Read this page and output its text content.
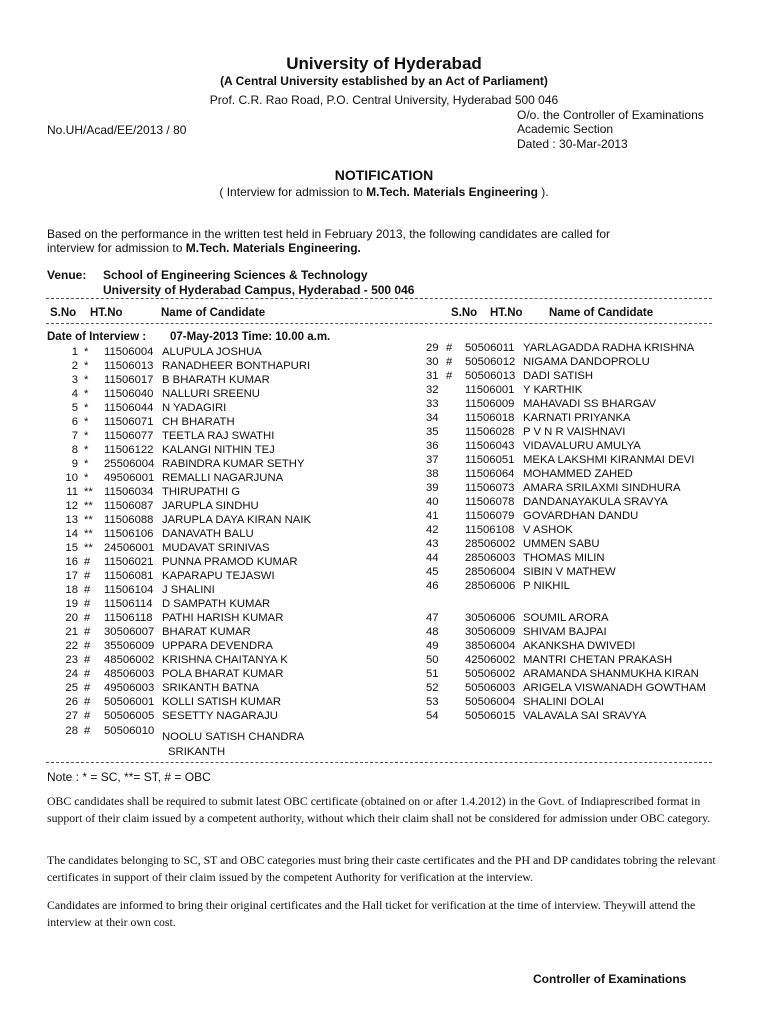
University of Hyderabad
(A Central University established by an Act of Parliament)
Prof. C.R. Rao Road, P.O. Central University, Hyderabad 500 046
O/o. the Controller of Examinations
Academic Section
Dated : 30-Mar-2013
No.UH/Acad/EE/2013 / 80
NOTIFICATION
( Interview for admission to M.Tech. Materials Engineering ).
Based on the performance in the written test held in February 2013, the following candidates are called for
interview for admission to M.Tech. Materials Engineering.
Venue: School of Engineering Sciences & Technology
University of Hyderabad Campus, Hyderabad - 500 046
S.No HT.No	Name of Candidate	S.No HT.No Name of Candidate
Date of Interview : 07-May-2013 Time: 10.00 a.m.
1 * 11506004 ALUPULA JOSHUA
2 * 11506013 RANADHEER BONTHAPURI
3 * 11506017 B BHARATH KUMAR
4 * 11506040 NALLURI SREENU
5 * 11506044 N YADAGIRI
6 * 11506071 CH BHARATH
7 * 11506077 TEETLA RAJ SWATHI
8 * 11506122 KALANGI NITHIN TEJ
9 * 25506004 RABINDRA KUMAR SETHY
10 * 49506001 REMALLI NAGARJUNA
11 ** 11506034 THIRUPATHI G
12 ** 11506087 JARUPLA SINDHU
13 ** 11506088 JARUPLA DAYA KIRAN NAIK
14 ** 11506106 DANAVATH BALU
15 ** 24506001 MUDAVAT SRINIVAS
16 # 11506021 PUNNA PRAMOD KUMAR
17 # 11506081 KAPARAPU TEJASWI
18 # 11506104 J SHALINI
19 # 11506114 D SAMPATH KUMAR
20 # 11506118 PATHI HARISH KUMAR
21 # 30506007 BHARAT KUMAR
22 # 35506009 UPPARA DEVENDRA
23 # 48506002 KRISHNA CHAITANYA K
24 # 48506003 POLA BHARAT KUMAR
25 # 49506003 SRIKANTH BATNA
26 # 50506001 KOLLI SATISH KUMAR
27 # 50506005 SESETTY NAGARAJU
28 # 50506010 NOOLU SATISH CHANDRA
SRIKANTH
29 # 50506011 YARLAGADDA RADHA KRISHNA
30 # 50506012 NIGAMA DANDOPROLU
31 # 50506013 DADI SATISH
32 11506001 Y KARTHIK
33 11506009 MAHAVADI SS BHARGAV
34 11506018 KARNATI PRIYANKA
35 11506028 P V N R VAISHNAVI
36 11506043 VIDAVALURU AMULYA
37 11506051 MEKA LAKSHMI KIRANMAI DEVI
38 11506064 MOHAMMED ZAHED
39 11506073 AMARA SRILAXMI SINDHURA
40 11506078 DANDANAYAKULA SRAVYA
41 11506079 GOVARDHAN DANDU
42 11506108 V ASHOK
43 28506002 UMMEN SABU
44 28506003 THOMAS MILIN
45 28506004 SIBIN V MATHEW
46 28506006 P NIKHIL
47 30506006 SOUMIL ARORA
48 30506009 SHIVAM BAJPAI
49 38506004 AKANKSHA DWIVEDI
50 42506002 MANTRI CHETAN PRAKASH
51 50506002 ARAMANDA SHANMUKHA KIRAN
52 50506003 ARIGELA VISWANADH GOWTHAM
53 50506004 SHALINI DOLAI
54 50506015 VALAVALA SAI SRAVYA
Note : * = SC, **= ST, # = OBC
OBC candidates shall be required to submit latest OBC certificate (obtained on or after 1.4.2012) in the Govt. of Indiaprescribed format in support of their claim issued by a competent authority, without which their claim shall not be considered for admission under OBC category.
The candidates belonging to SC, ST and OBC categories must bring their caste certificates and the PH and DP candidates tobring the relevant certificates in support of their claim issued by the competent Authority for verification at the interview.
Candidates are informed to bring their original certificates and the Hall ticket for verification at the time of interview. Theywill attend the interview at their own cost.
Controller of Examinations
